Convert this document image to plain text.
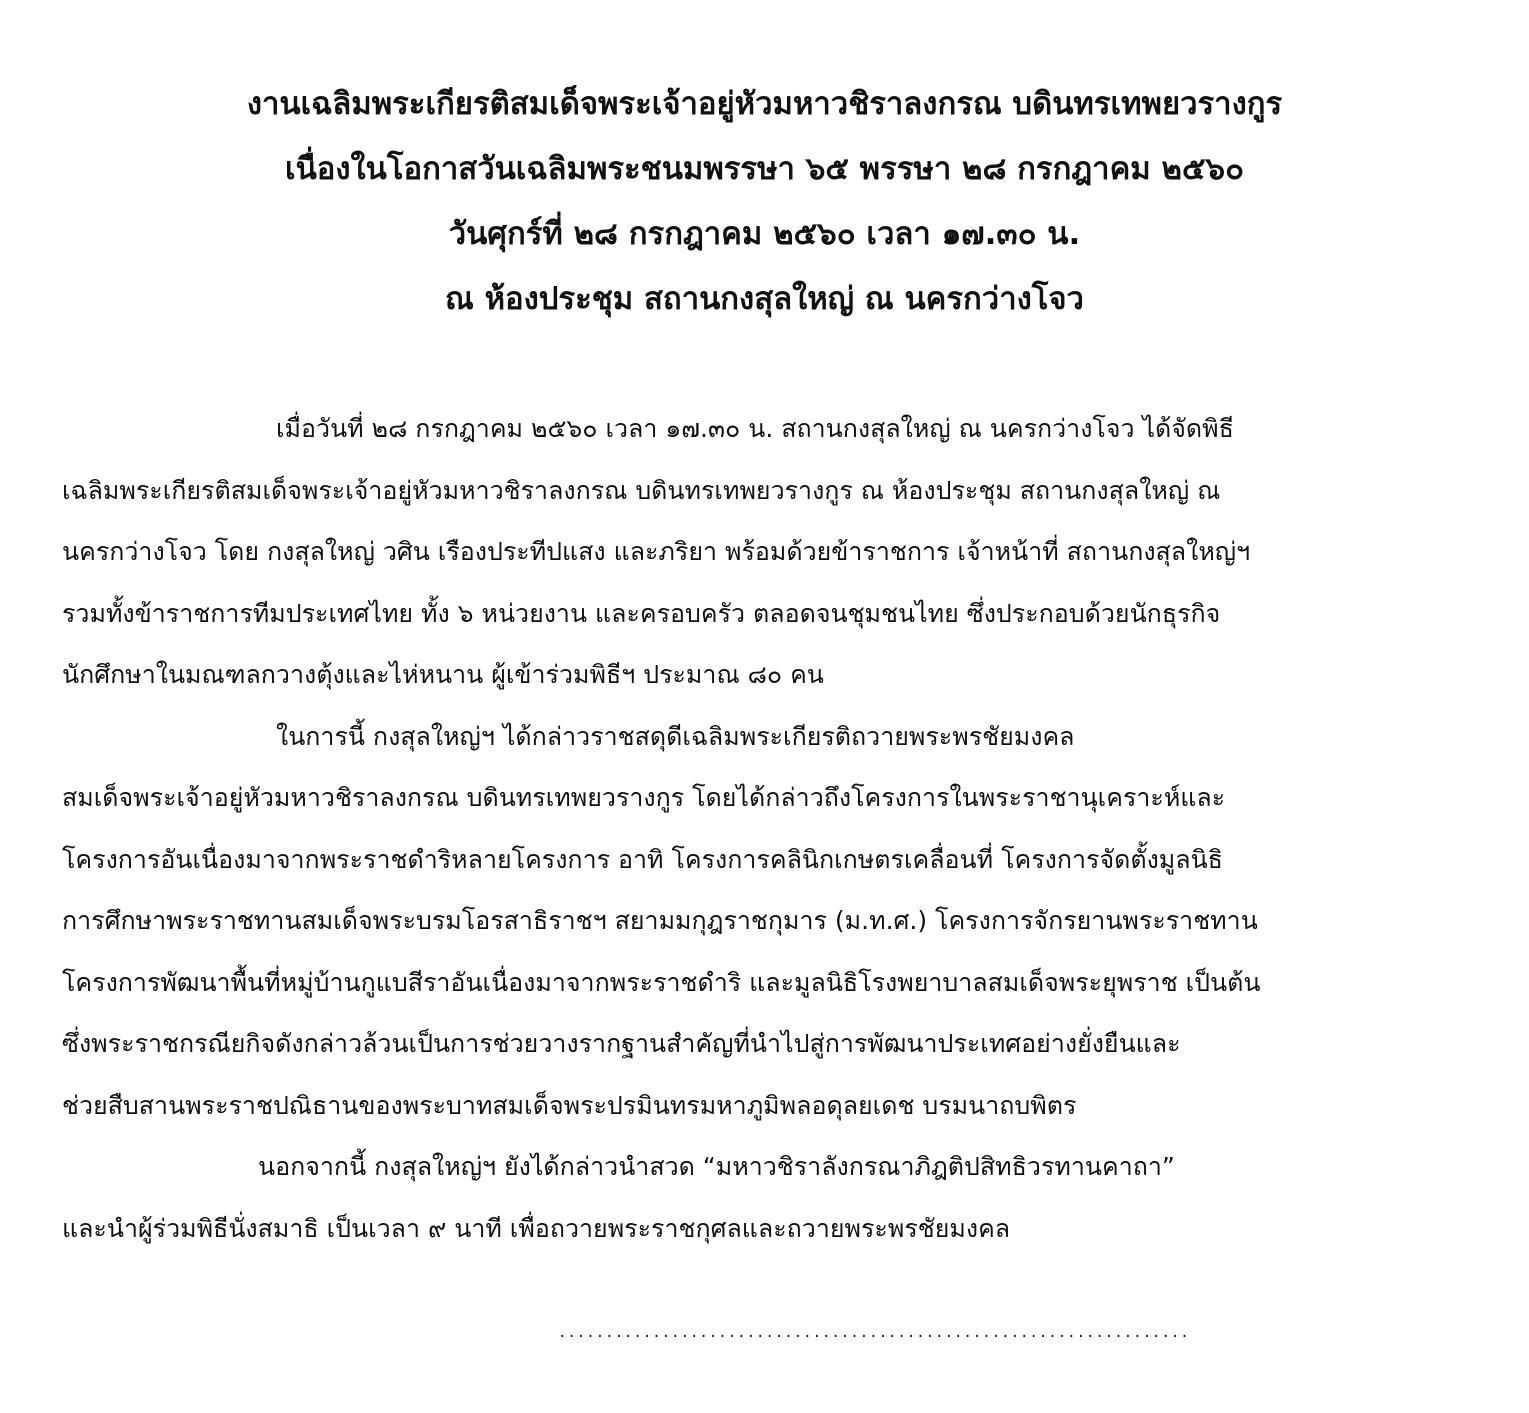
งานเฉลิมพระเกียรติสมเด็จพระเจ้าอยู่หัวมหาวชิราลงกรณ บดินทรเทพยวรางกูร
เนื่องในโอกาสวันเฉลิมพระชนมพรรษา ๖๕ พรรษา ๒๘ กรกฎาคม ๒๕๖๐
วันศุกร์ที่ ๒๘ กรกฎาคม ๒๕๖๐ เวลา ๑๗.๓๐ น.
ณ ห้องประชุม สถานกงสุลใหญ่ ณ นครกว่างโจว
เมื่อวันที่ ๒๘ กรกฎาคม ๒๕๖๐ เวลา ๑๗.๓๐ น. สถานกงสุลใหญ่ ณ นครกว่างโจว ได้จัดพิธี
เฉลิมพระเกียรติสมเด็จพระเจ้าอยู่หัวมหาวชิราลงกรณ บดินทรเทพยวรางกูร ณ ห้องประชุม สถานกงสุลใหญ่ ณ
นครกว่างโจว โดย กงสุลใหญ่ วศิน เรืองประทีปแสง และภริยา พร้อมด้วยข้าราชการ เจ้าหน้าที่ สถานกงสุลใหญ่ฯ
รวมทั้งข้าราชการทีมประเทศไทย ทั้ง ๖ หน่วยงาน และครอบครัว ตลอดจนชุมชนไทย ซึ่งประกอบด้วยนักธุรกิจ
นักศึกษาในมณฑลกวางตุ้งและไห่หนาน ผู้เข้าร่วมพิธีฯ ประมาณ ๘๐ คน
ในการนี้ กงสุลใหญ่ฯ ได้กล่าวราชสดุดีเฉลิมพระเกียรติถวายพระพรชัยมงคล
สมเด็จพระเจ้าอยู่หัวมหาวชิราลงกรณ บดินทรเทพยวรางกูร โดยได้กล่าวถึงโครงการในพระราชานุเคราะห์และ
โครงการอันเนื่องมาจากพระราชดำริหลายโครงการ อาทิ โครงการคลินิกเกษตรเคลื่อนที่ โครงการจัดตั้งมูลนิธิ
การศึกษาพระราชทานสมเด็จพระบรมโอรสาธิราชฯ สยามมกุฎราชกุมาร (ม.ท.ศ.) โครงการจักรยานพระราชทาน
โครงการพัฒนาพื้นที่หมู่บ้านกูแบสีราอันเนื่องมาจากพระราชดำริ และมูลนิธิโรงพยาบาลสมเด็จพระยุพราช เป็นต้น
ซึ่งพระราชกรณียกิจดังกล่าวล้วนเป็นการช่วยวางรากฐานสำคัญที่นำไปสู่การพัฒนาประเทศอย่างยั่งยืนและ
ช่วยสืบสานพระราชปณิธานของพระบาทสมเด็จพระปรมินทรมหาภูมิพลอดุลยเดช บรมนาถบพิตร
นอกจากนี้ กงสุลใหญ่ฯ ยังได้กล่าวนำสวด “มหาวชิราลังกรณาภิฎติปสิทธิวรทานคาถา”
และนำผู้ร่วมพิธีนั่งสมาธิ เป็นเวลา ๙ นาที เพื่อถวายพระราชกุศลและถวายพระพรชัยมงคล
...................................................................
